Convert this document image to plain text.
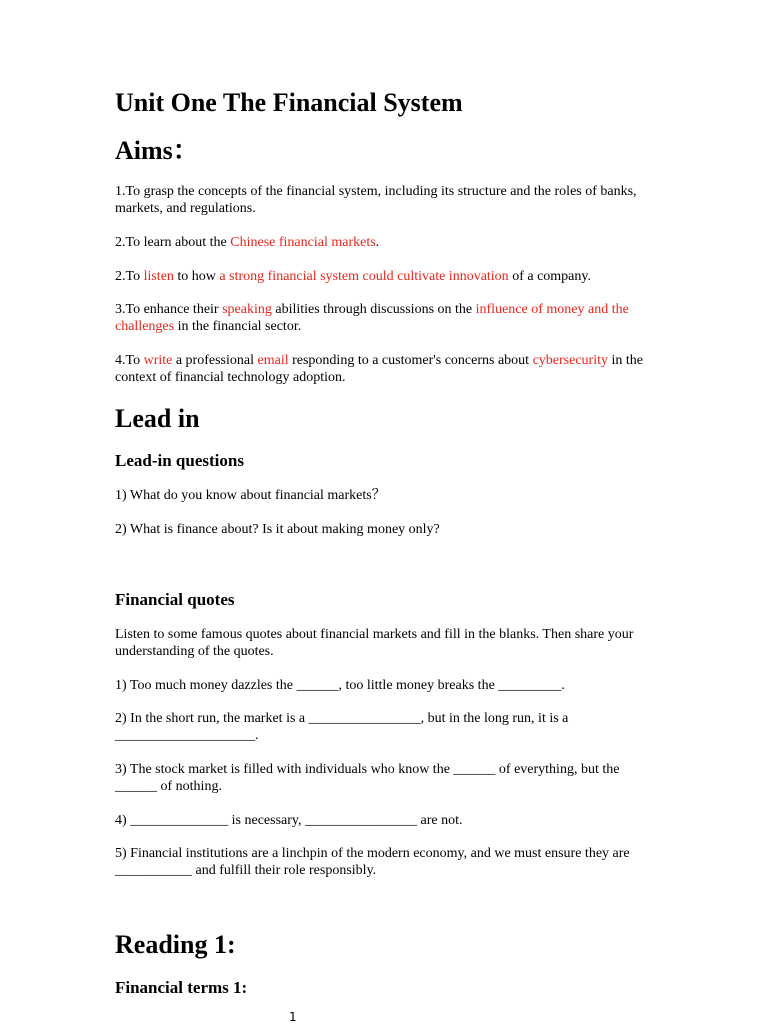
Unit One The Financial System
Aims：
1.To grasp the concepts of the financial system, including its structure and the roles of banks, markets, and regulations.
2.To learn about the Chinese financial markets.
2.To listen to how a strong financial system could cultivate innovation of a company.
3.To enhance their speaking abilities through discussions on the influence of money and the challenges in the financial sector.
4.To write a professional email responding to a customer's concerns about cybersecurity in the context of financial technology adoption.
Lead in
Lead-in questions
1) What do you know about financial markets？
2) What is finance about? Is it about making money only?
Financial quotes
Listen to some famous quotes about financial markets and fill in the blanks. Then share your understanding of the quotes.
1) Too much money dazzles the ______, too little money breaks the _________.
2) In the short run, the market is a ________________, but in the long run, it is a ____________________.
3) The stock market is filled with individuals who know the ______ of everything, but the ______ of nothing.
4) ______________ is necessary, ________________ are not.
5) Financial institutions are a linchpin of the modern economy, and we must ensure they are ___________ and fulfill their role responsibly.
Reading 1:
Financial terms 1:
1
